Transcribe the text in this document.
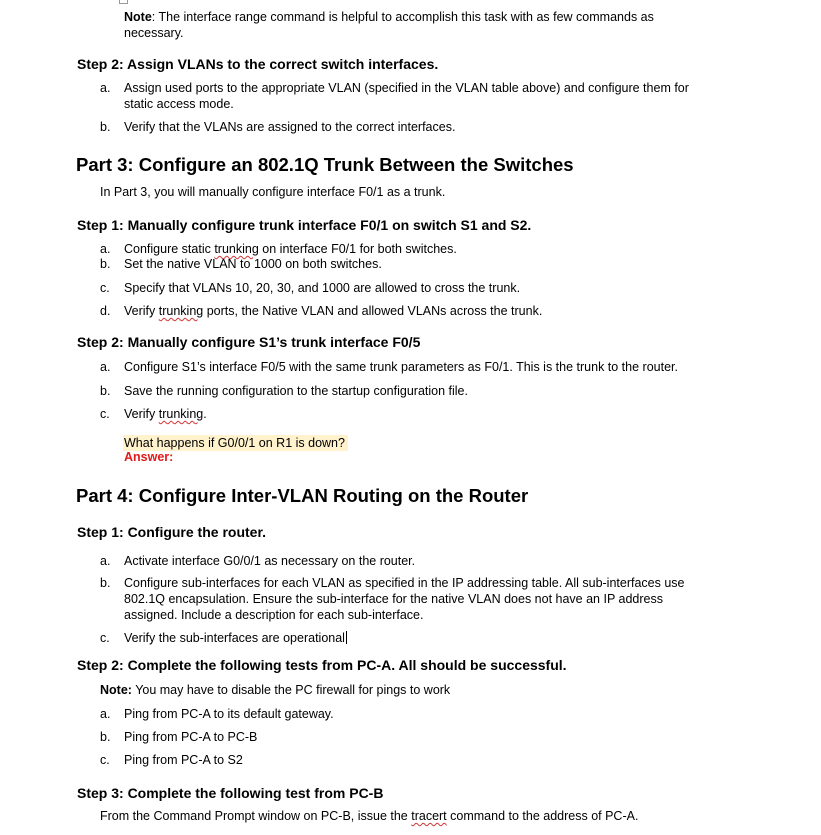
Note: The interface range command is helpful to accomplish this task with as few commands as necessary.
Step 2: Assign VLANs to the correct switch interfaces.
a.	Assign used ports to the appropriate VLAN (specified in the VLAN table above) and configure them for static access mode.
b.	Verify that the VLANs are assigned to the correct interfaces.
Part 3: Configure an 802.1Q Trunk Between the Switches
In Part 3, you will manually configure interface F0/1 as a trunk.
Step 1: Manually configure trunk interface F0/1 on switch S1 and S2.
a.	Configure static trunking on interface F0/1 for both switches.
b.	Set the native VLAN to 1000 on both switches.
c.	Specify that VLANs 10, 20, 30, and 1000 are allowed to cross the trunk.
d.	Verify trunking ports, the Native VLAN and allowed VLANs across the trunk.
Step 2: Manually configure S1’s trunk interface F0/5
a.	Configure S1’s interface F0/5 with the same trunk parameters as F0/1. This is the trunk to the router.
b.	Save the running configuration to the startup configuration file.
c.	Verify trunking.
What happens if G0/0/1 on R1 is down?
Answer:
Part 4: Configure Inter-VLAN Routing on the Router
Step 1: Configure the router.
a.	Activate interface G0/0/1 as necessary on the router.
b.	Configure sub-interfaces for each VLAN as specified in the IP addressing table. All sub-interfaces use 802.1Q encapsulation. Ensure the sub-interface for the native VLAN does not have an IP address assigned. Include a description for each sub-interface.
c.	Verify the sub-interfaces are operational
Step 2: Complete the following tests from PC-A. All should be successful.
Note: You may have to disable the PC firewall for pings to work
a.	Ping from PC-A to its default gateway.
b.	Ping from PC-A to PC-B
c.	Ping from PC-A to S2
Step 3: Complete the following test from PC-B
From the Command Prompt window on PC-B, issue the tracert command to the address of PC-A.
